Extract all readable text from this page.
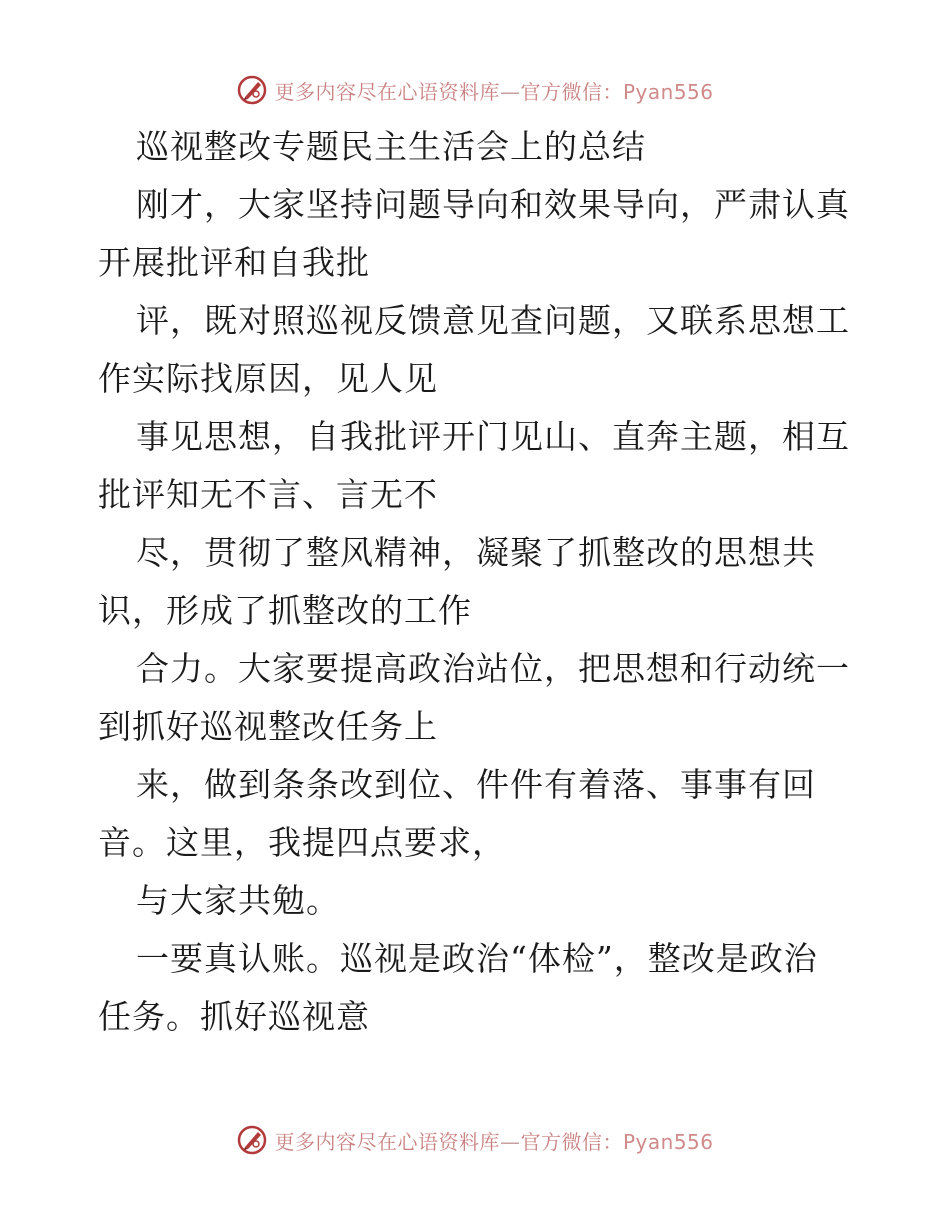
更多内容尽在心语资料库—官方微信：Pyan556
巡视整改专题民主生活会上的总结
刚才，大家坚持问题导向和效果导向，严肃认真
开展批评和自我批
评，既对照巡视反馈意见查问题，又联系思想工
作实际找原因，见人见
事见思想，自我批评开门见山、直奔主题，相互
批评知无不言、言无不
尽，贯彻了整风精神，凝聚了抓整改的思想共
识，形成了抓整改的工作
合力。大家要提高政治站位，把思想和行动统一
到抓好巡视整改任务上
来，做到条条改到位、件件有着落、事事有回
音。这里，我提四点要求，
与大家共勉。
一要真认账。巡视是政治“体检”，整改是政治
任务。抓好巡视意
更多内容尽在心语资料库—官方微信：Pyan556
